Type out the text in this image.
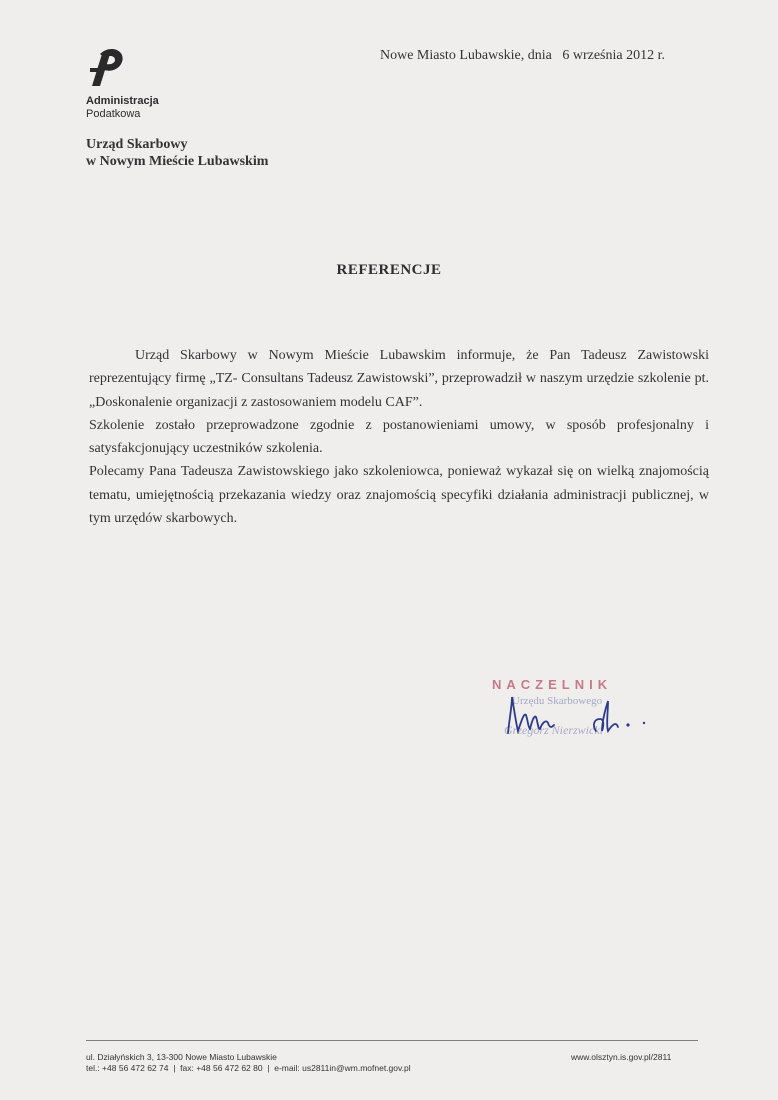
Administracja
Podatkowa
Urząd Skarbowy
w Nowym Mieście Lubawskim
Nowe Miasto Lubawskie, dnia   6 września 2012 r.
REFERENCJE

Urząd Skarbowy w Nowym Mieście Lubawskim informuje, że Pan Tadeusz Zawistowski reprezentujący firmę „TZ- Consultans Tadeusz Zawistowski”, przeprowadził w naszym urzędzie szkolenie pt. „Doskonalenie organizacji z zastosowaniem modelu CAF”.

Szkolenie zostało przeprowadzone zgodnie z postanowieniami umowy, w sposób profesjonalny i satysfakcjonujący uczestników szkolenia.

Polecamy Pana Tadeusza Zawistowskiego jako szkoleniowca, ponieważ wykazał się on wielką znajomością tematu, umiejętnością przekazania wiedzy oraz znajomością specyfiki działania administracji publicznej, w tym urzędów skarbowych.

NACZELNIK
Urzędu Skarbowego
Grzegorz Nierzwicki
ul. Działyńskich 3, 13-300 Nowe Miasto Lubawskie
tel.: +48 56 472 62 74  |  fax: +48 56 472 62 80  |  e-mail: us2811in@wm.mofnet.gov.pl
www.olsztyn.is.gov.pl/2811
